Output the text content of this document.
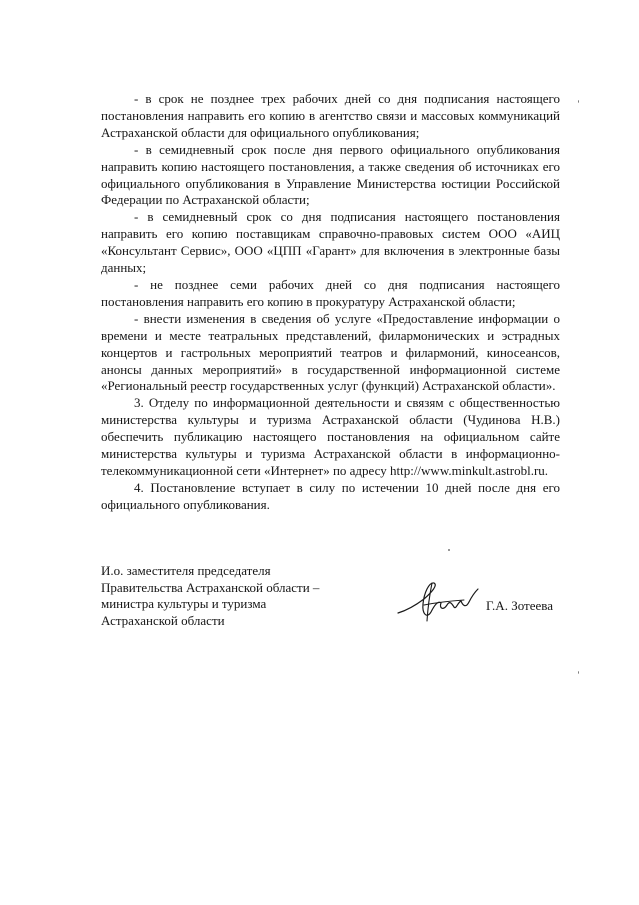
- в срок не позднее трех рабочих дней со дня подписания настоящего постановления направить его копию в агентство связи и массовых коммуникаций Астраханской области для официального опубликования;

- в семидневный срок после дня первого официального опубликования направить копию настоящего постановления, а также сведения об источниках его официального опубликования в Управление Министерства юстиции Российской Федерации по Астраханской области;

- в семидневный срок со дня подписания настоящего постановления направить его копию поставщикам справочно-правовых систем ООО «АИЦ «Консультант Сервис», ООО «ЦПП «Гарант» для включения в электронные базы данных;

- не позднее семи рабочих дней со дня подписания настоящего постановления направить его копию в прокуратуру Астраханской области;

- внести изменения в сведения об услуге «Предоставление информации о времени и месте театральных представлений, филармонических и эстрадных концертов и гастрольных мероприятий театров и филармоний, киносеансов, анонсы данных мероприятий» в государственной информационной системе «Региональный реестр государственных услуг (функций) Астраханской области».

3. Отделу по информационной деятельности и связям с общественностью министерства культуры и туризма Астраханской области (Чудинова Н.В.) обеспечить публикацию настоящего постановления на официальном сайте министерства культуры и туризма Астраханской области в информационно-телекоммуникационной сети «Интернет» по адресу http://www.minkult.astrobl.ru.

4. Постановление вступает в силу по истечении 10 дней после дня его официального опубликования.

И.о. заместителя председателя
Правительства Астраханской области –
министра культуры и туризма
Астраханской области
Г.А. Зотеева
